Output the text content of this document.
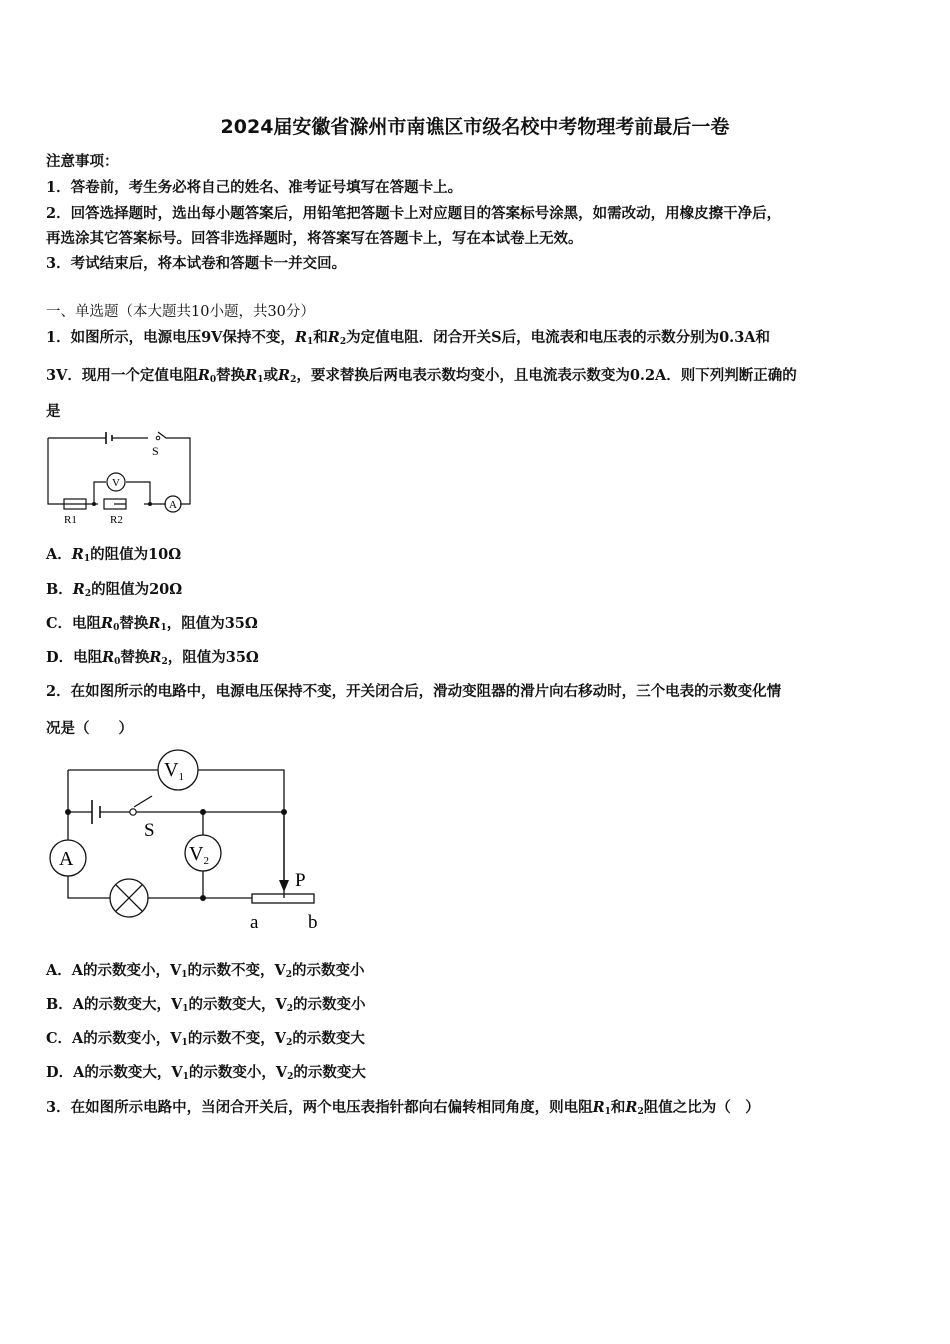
2024届安徽省滁州市南谯区市级名校中考物理考前最后一卷
注意事项：
1．答卷前，考生务必将自己的姓名、准考证号填写在答题卡上。
2．回答选择题时，选出每小题答案后，用铅笔把答题卡上对应题目的答案标号涂黑，如需改动，用橡皮擦干净后，
再选涂其它答案标号。回答非选择题时，将答案写在答题卡上，写在本试卷上无效。
3．考试结束后，将本试卷和答题卡一并交回。
一、单选题（本大题共10小题，共30分）
1．如图所示，电源电压9V保持不变，$R_1$和$R_2$为定值电阻．闭合开关S后，电流表和电压表的示数分别为0.3A和
3V．现用一个定值电阻$R_0$替换$R_1$或$R_2$，要求替换后两电表示数均变小，且电流表示数变为0.2A．则下列判断正确的
是
S
V
A
R1	R2
A．$R_1$的阻值为10Ω
B．$R_2$的阻值为20Ω
C．电阻$R_0$替换$R_1$，阻值为35Ω
D．电阻$R_0$替换$R_2$，阻值为35Ω
2．在如图所示的电路中，电源电压保持不变，开关闭合后，滑动变阻器的滑片向右移动时，三个电表的示数变化情
况是（　　）
$V_1$
$V_2$
A
S
P
a	b
A．A的示数变小，$V_1$的示数不变，$V_2$的示数变小
B．A的示数变大，$V_1$的示数变大，$V_2$的示数变小
C．A的示数变小，$V_1$的示数不变，$V_2$的示数变大
D．A的示数变大，$V_1$的示数变小，$V_2$的示数变大
3．在如图所示电路中，当闭合开关后，两个电压表指针都向右偏转相同角度，则电阻$R_1$和$R_2$阻值之比为（　）
